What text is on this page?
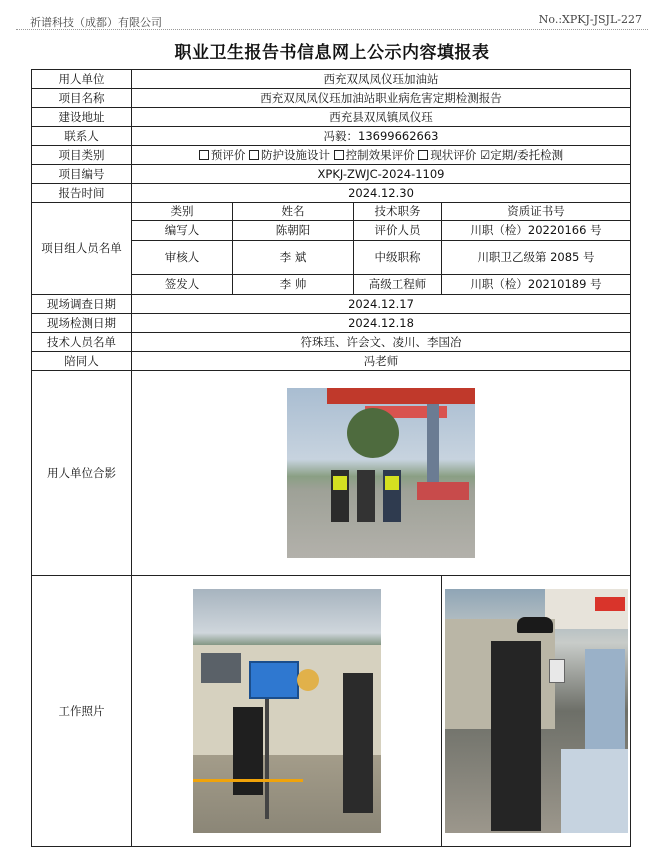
祈谱科技（成都）有限公司	No.:XPKJ-JSJL-227
职业卫生报告书信息网上公示内容填报表
用人单位	西充双凤凤仪珏加油站			
项目名称	西充双凤凤仪珏加油站职业病危害定期检测报告			
建设地址	西充县双凤镇凤仪珏			
联系人	冯毅：13699662663			
项目类别	预评价 防护设施设计 控制效果评价 现状评价 ☑定期/委托检测			
项目编号	XPKJ-ZWJC-2024-1109			
报告时间	2024.12.30			
项目组人员名单	类别	姓名	技术职务	资质证书号
	编写人	陈朝阳	评价人员	川职（检）20220166 号
	审核人	李 斌	中级职称	川职卫乙级第 2085 号
	签发人	李 帅	高级工程师	川职（检）20210189 号
现场调查日期	2024.12.17			
现场检测日期	2024.12.18			
技术人员名单	符珠珏、许会文、凌川、李国冶			
陪同人	冯老师			
用人单位合影				

工作照片			
